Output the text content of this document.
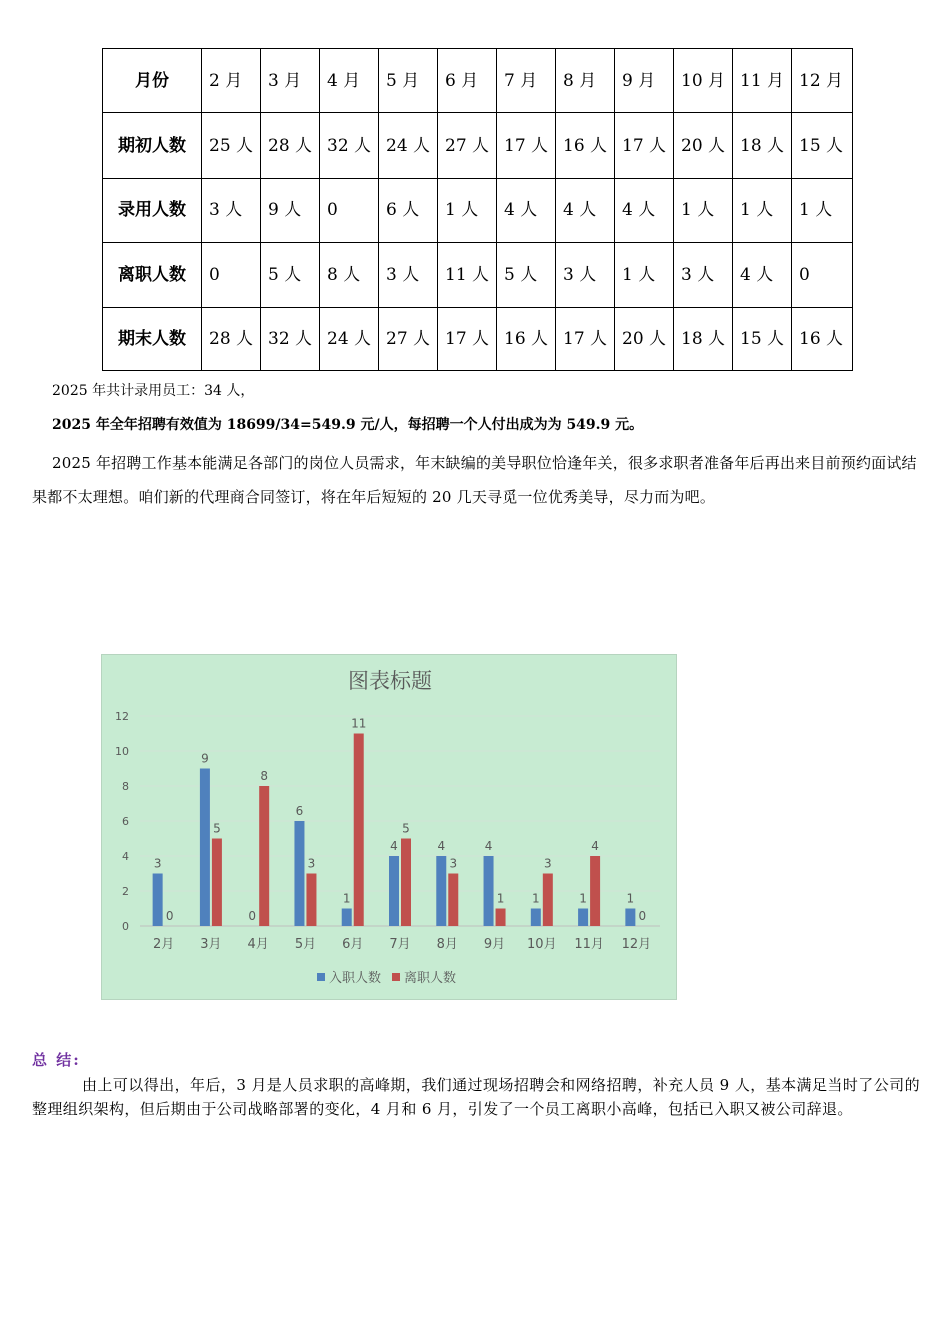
月份	2 月	3 月	4 月	5 月	6 月	7 月	8 月	9 月	10 月	11 月	12 月
期初人数	25 人	28 人	32 人	24 人	27 人	17 人	16 人	17 人	20 人	18 人	15 人
录用人数	3 人	9 人	0	6 人	1 人	4 人	4 人	4 人	1 人	1 人	1 人
离职人数	0	5 人	8 人	3 人	11 人	5 人	3 人	1 人	3 人	4 人	0
期末人数	28 人	32 人	24 人	27 人	17 人	16 人	17 人	20 人	18 人	15 人	16 人
2025 年共计录用员工：34 人，
2025 年全年招聘有效值为 18699/34=549.9 元/人，每招聘一个人付出成为为 549.9 元。
2025 年招聘工作基本能满足各部门的岗位人员需求，年末缺编的美导职位恰逢年关，很多求职者准备年后再出来目前预约面试结果都不太理想。咱们新的代理商合同签订，将在年后短短的 20 几天寻觅一位优秀美导，尽力而为吧。
图表标题
0
2
4
6
8
10
12
2月
3
0
3月
9
5
4月
0
8
5月
6
3
6月
1
11
7月
4
5
8月
4
3
9月
4
1
10月
1
3
11月
1
4
12月
1
0
入职人数 离职人数
总 结:
由上可以得出，年后，3 月是人员求职的高峰期，我们通过现场招聘会和网络招聘，补充人员 9 人，基本满足当时了公司的整理组织架构，但后期由于公司战略部署的变化，4 月和 6 月，引发了一个员工离职小高峰，包括已入职又被公司辞退。
